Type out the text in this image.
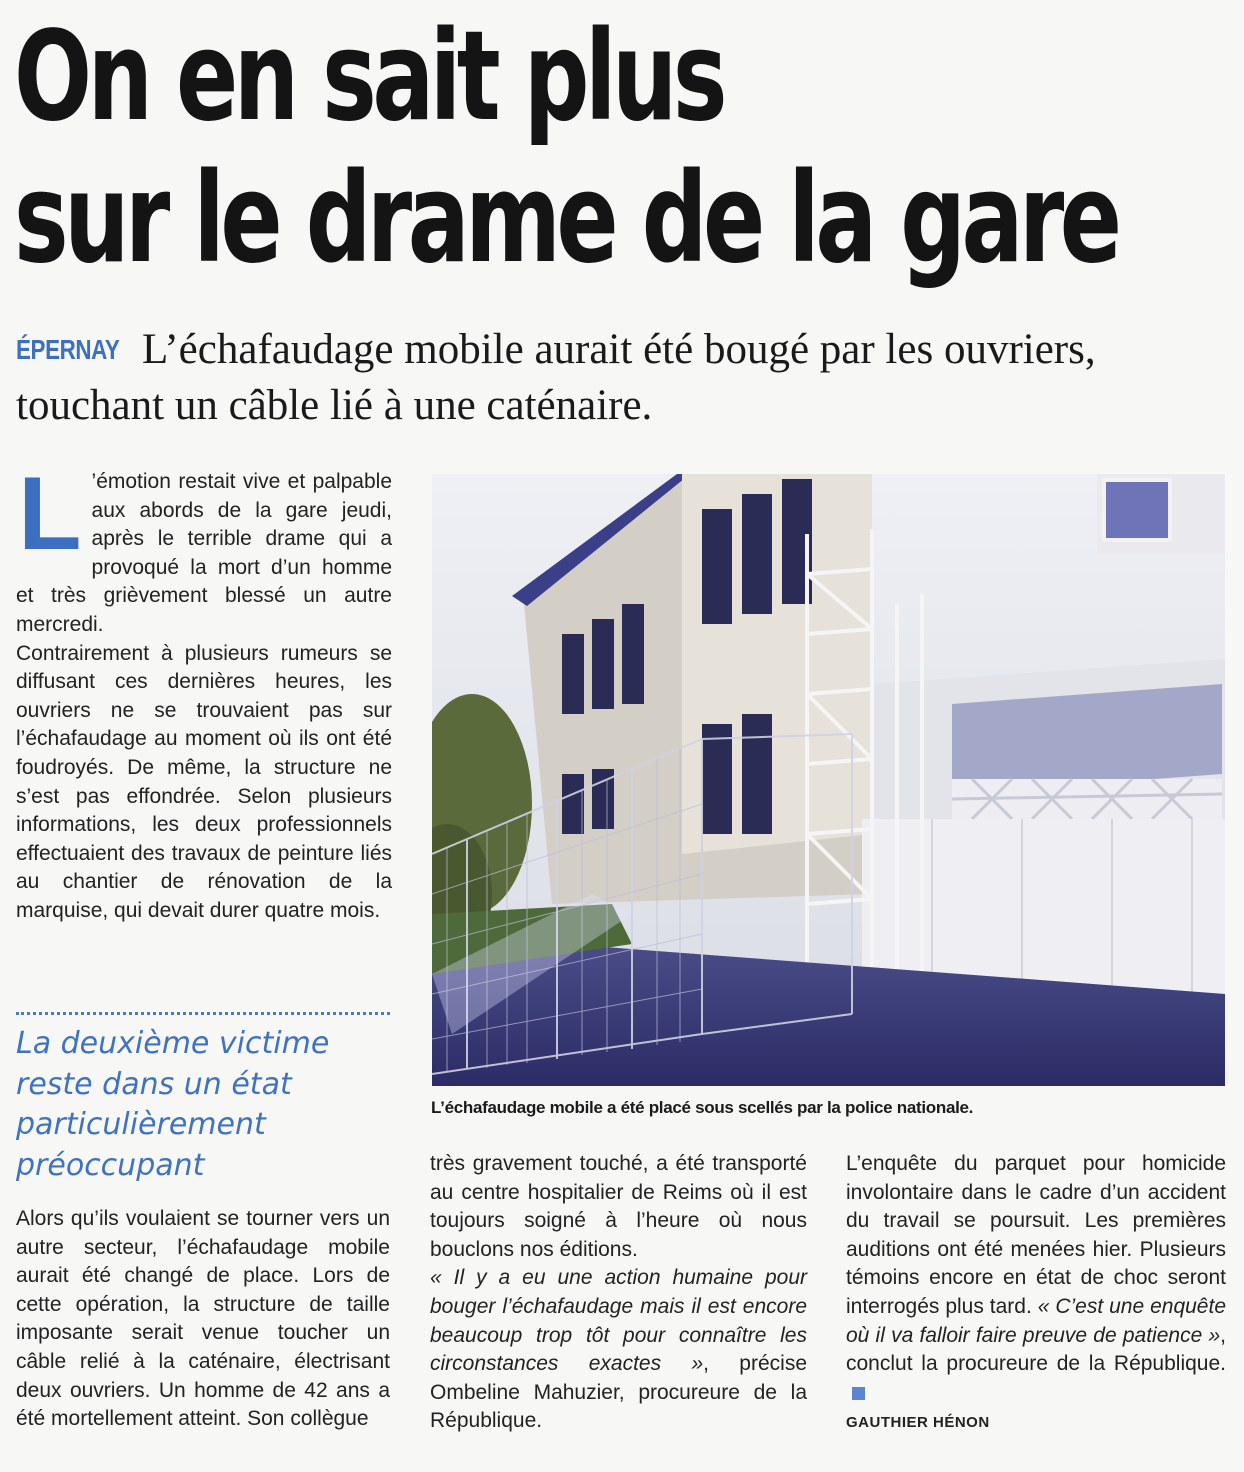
On en sait plus
sur le drame de la gare
ÉPERNAY L’échafaudage mobile aurait été bougé par les ouvriers, touchant un câble lié à une caténaire.
L ’émotion restait vive et palpable aux abords de la gare jeudi, après le terrible drame qui a provoqué la mort d’un homme et très grièvement blessé un autre mercredi.

Contrairement à plusieurs rumeurs se diffusant ces dernières heures, les ouvriers ne se trouvaient pas sur l’échafaudage au moment où ils ont été foudroyés. De même, la structure ne s’est pas effondrée. Selon plusieurs informations, les deux professionnels effectuaient des travaux de peinture liés au chantier de rénovation de la marquise, qui devait durer quatre mois.

La deuxième victime reste dans un état particulièrement préoccupant

Alors qu’ils voulaient se tourner vers un autre secteur, l’échafaudage mobile aurait été changé de place. Lors de cette opération, la structure de taille imposante serait venue toucher un câble relié à la caténaire, électrisant deux ouvriers. Un homme de 42 ans a été mortellement atteint. Son collègue

L’échafaudage mobile a été placé sous scellés par la police nationale.

très gravement touché, a été transporté au centre hospitalier de Reims où il est toujours soigné à l’heure où nous bouclons nos éditions.

« Il y a eu une action humaine pour bouger l’échafaudage mais il est encore beaucoup trop tôt pour connaître les circonstances exactes », précise Ombeline Mahuzier, procureure de la République.

L’enquête du parquet pour homicide involontaire dans le cadre d’un accident du travail se poursuit. Les premières auditions ont été menées hier. Plusieurs témoins encore en état de choc seront interrogés plus tard. « C’est une enquête où il va falloir faire preuve de patience », conclut la procureure de la République.

GAUTHIER HÉNON
